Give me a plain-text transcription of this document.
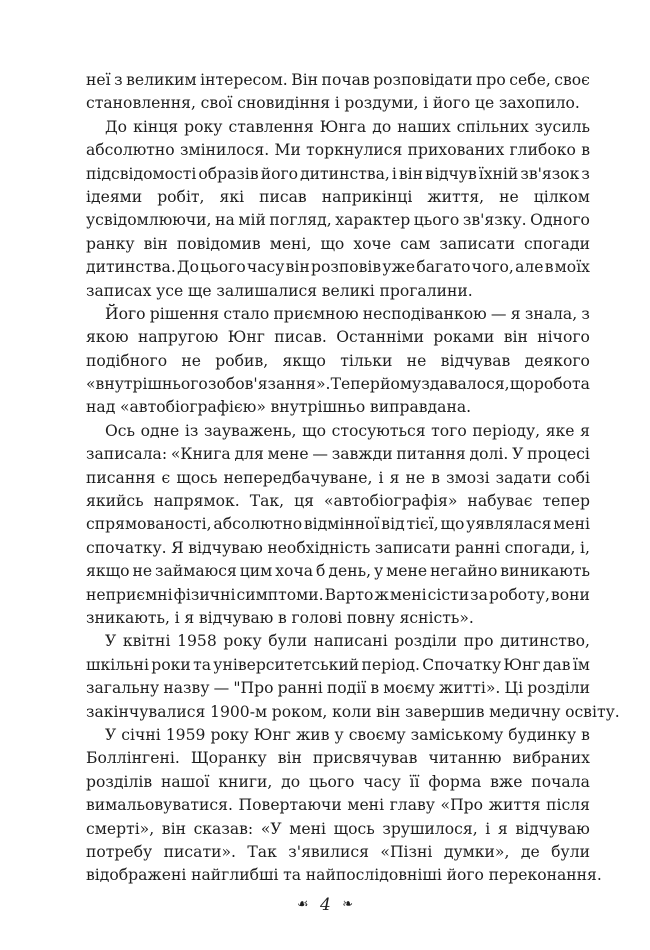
неї з великим інтересом. Він почав розповідати про себе, своє
становлення, свої сновидіння і роздуми, і його це захопило.
До кінця року ставлення Юнга до наших спільних зусиль
абсолютно змінилося. Ми торкнулися прихованих глибоко в
підсвідомості образів його дитинства, і він відчув їхній зв'язок з
ідеями робіт, які писав наприкінці життя, не цілком
усвідомлюючи, на мій погляд, характер цього зв'язку. Одного
ранку він повідомив мені, що хоче сам записати спогади
дитинства. До цього часу він розповів уже багато чого, але в моїх
записах усе ще залишалися великі прогалини.
Його рішення стало приємною несподіванкою — я знала, з
якою напругою Юнг писав. Останніми роками він нічого
подібного не робив, якщо тільки не відчував деякого
«внутрішнього зобов'язання». Тепер йому здавалося, що робота
над «автобіографією» внутрішньо виправдана.
Ось одне із зауважень, що стосуються того періоду, яке я
записала: «Книга для мене — завжди питання долі. У процесі
писання є щось непередбачуване, і я не в змозі задати собі
якийсь напрямок. Так, ця «автобіографія» набуває тепер
спрямованості, абсолютно відмінної від тієї, що уявлялася мені
спочатку. Я відчуваю необхідність записати ранні спогади, і,
якщо не займаюся цим хоча б день, у мене негайно виникають
неприємні фізичні симптоми. Варто ж мені сісти за роботу, вони
зникають, і я відчуваю в голові повну ясність».
У квітні 1958 року були написані розділи про дитинство,
шкільні роки та університетський період. Спочатку Юнг дав їм
загальну назву — "Про ранні події в моєму житті». Ці розділи
закінчувалися 1900-м роком, коли він завершив медичну освіту.
У січні 1959 року Юнг жив у своєму заміському будинку в
Боллінгені. Щоранку він присвячував читанню вибраних
розділів нашої книги, до цього часу її форма вже почала
вимальовуватися. Повертаючи мені главу «Про життя після
смерті», він сказав: «У мені щось зрушилося, і я відчуваю
потребу писати». Так з'явилися «Пізні думки», де були
відображені найглибші та найпослідовніші його переконання.
☙ 4 ❧
